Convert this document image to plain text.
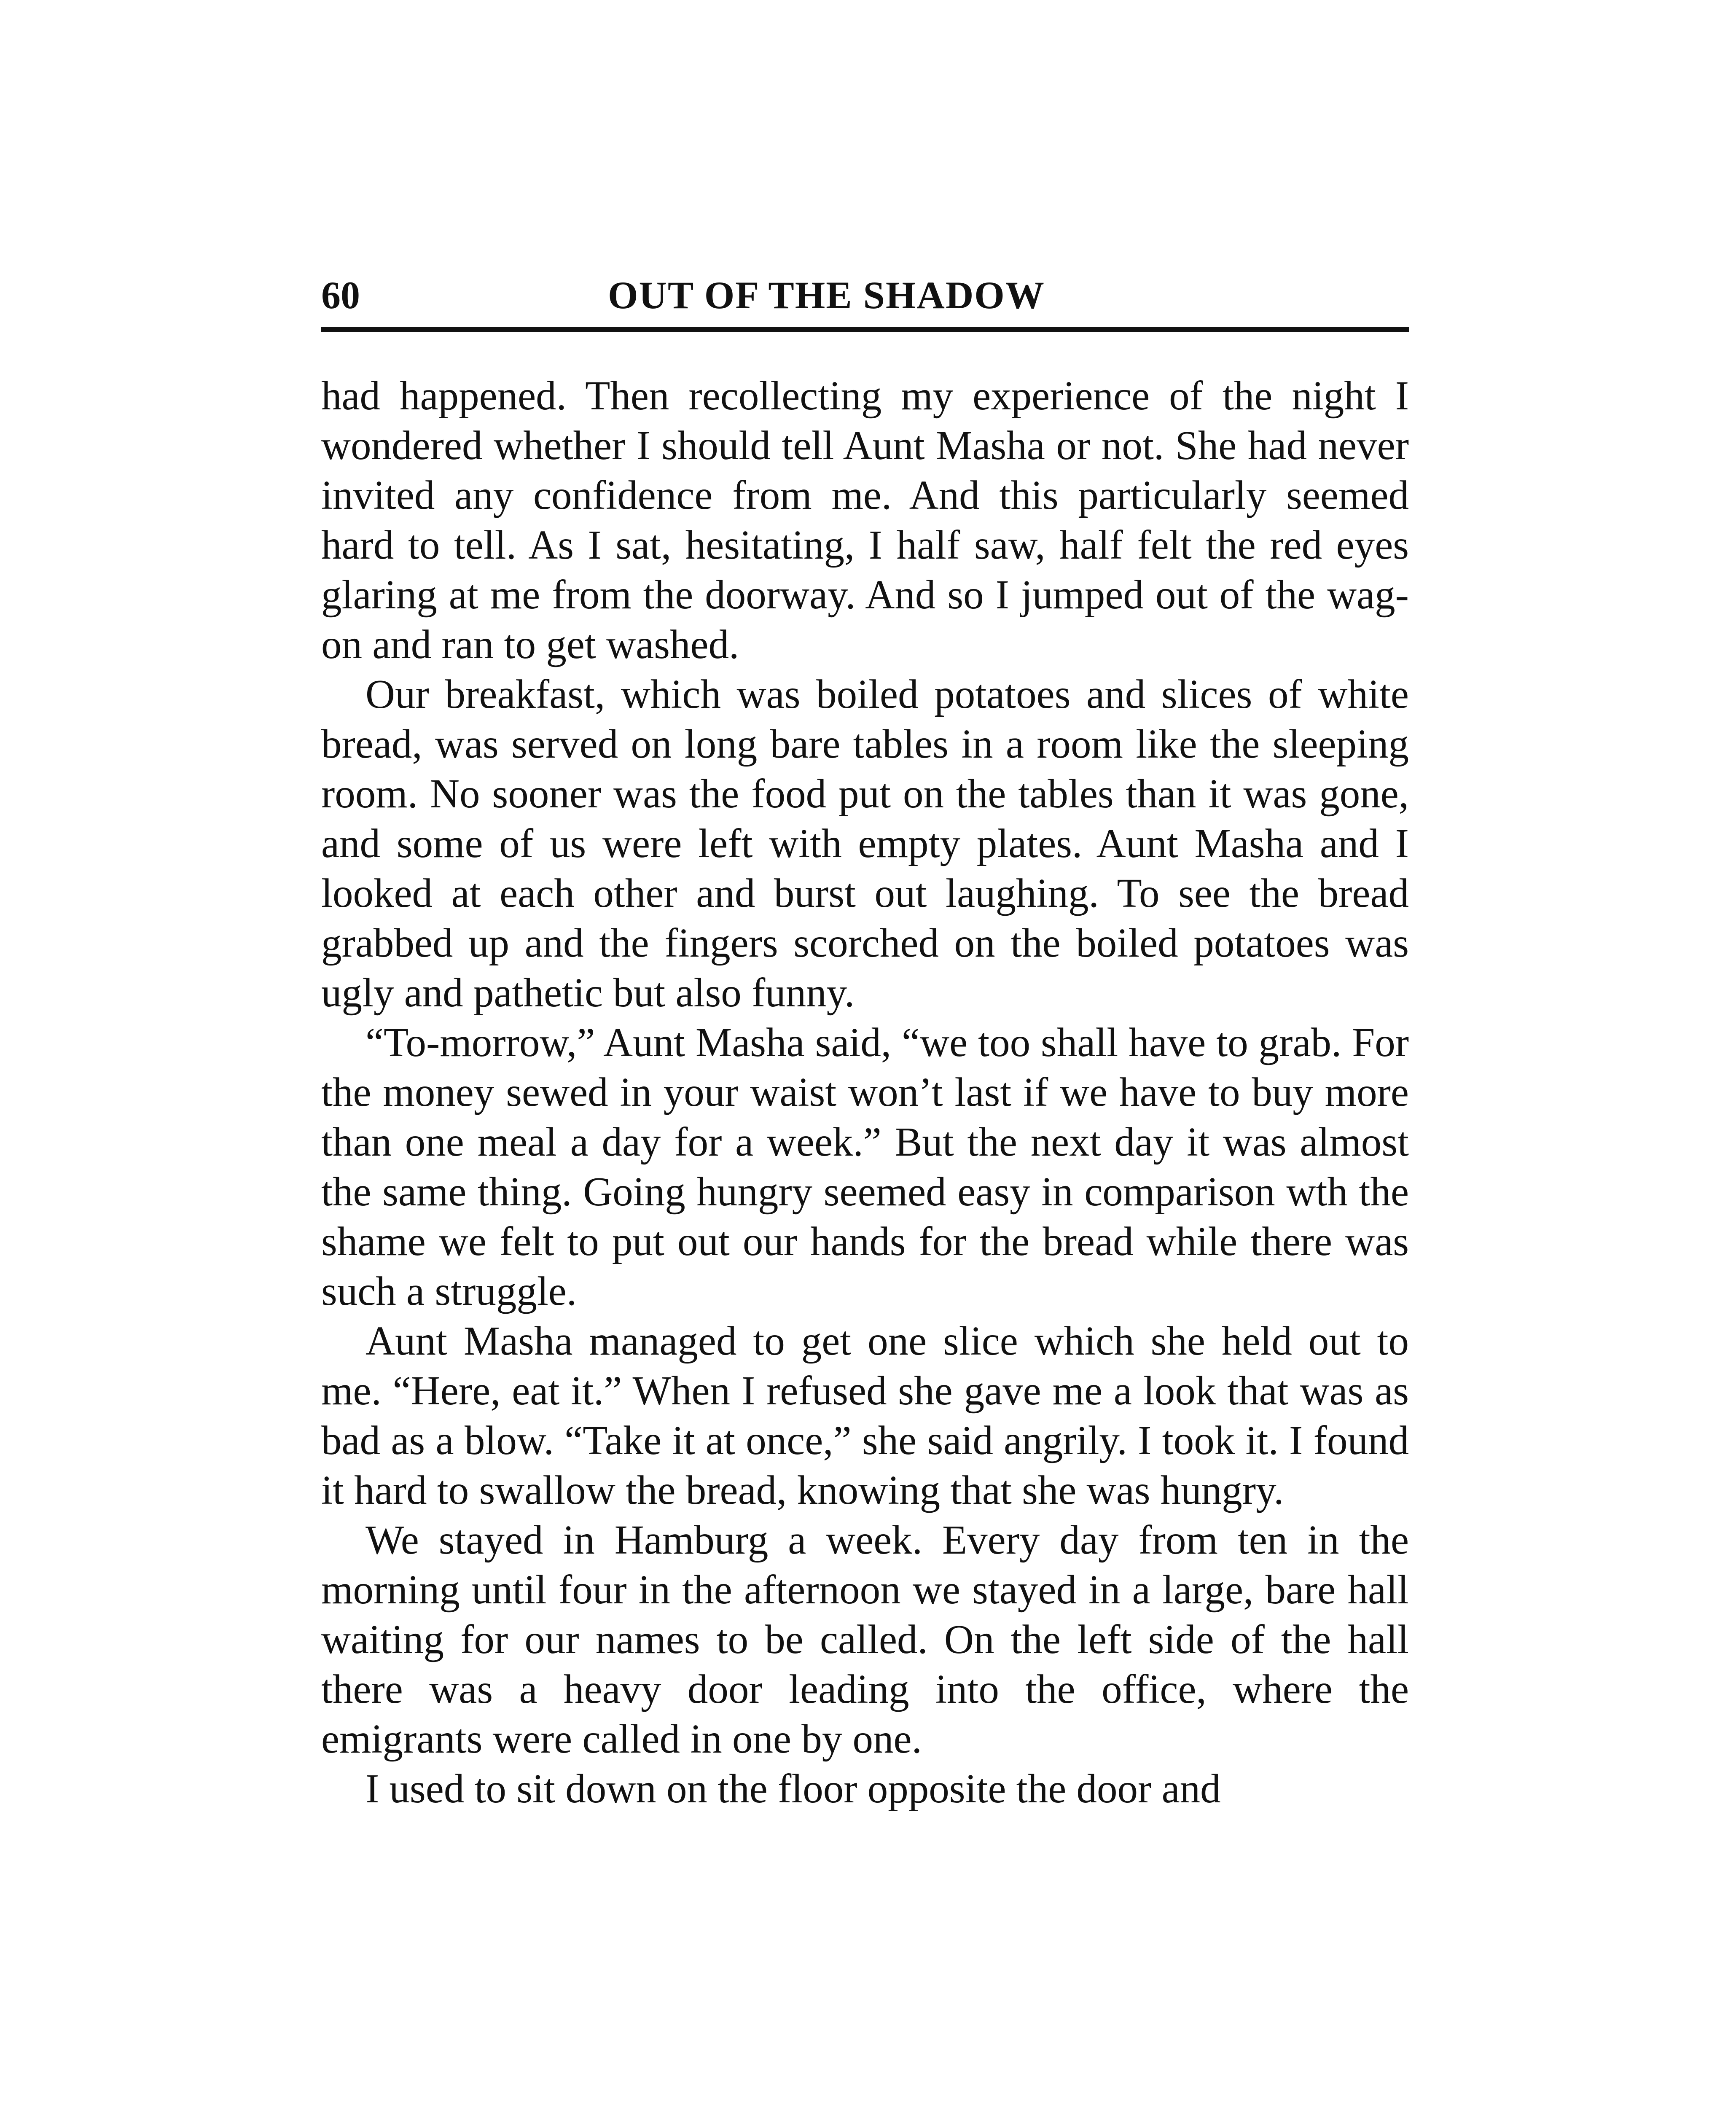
60	OUT OF THE SHADOW

had happened. Then recollecting my experience of the night I wondered whether I should tell Aunt Masha or not. She had never invited any confidence from me. And this particularly seemed hard to tell. As I sat, hesitating, I half saw, half felt the red eyes glaring at me from the doorway. And so I jumped out of the wag-on and ran to get washed.

Our breakfast, which was boiled potatoes and slices of white bread, was served on long bare tables in a room like the sleeping room. No sooner was the food put on the tables than it was gone, and some of us were left with empty plates. Aunt Masha and I looked at each other and burst out laughing. To see the bread grabbed up and the fingers scorched on the boiled potatoes was ugly and pathetic but also funny.

“To-morrow,” Aunt Masha said, “we too shall have to grab. For the money sewed in your waist won’t last if we have to buy more than one meal a day for a week.” But the next day it was almost the same thing. Going hungry seemed easy in comparison wth the shame we felt to put out our hands for the bread while there was such a struggle.

Aunt Masha managed to get one slice which she held out to me. “Here, eat it.” When I refused she gave me a look that was as bad as a blow. “Take it at once,” she said angrily. I took it. I found it hard to swallow the bread, knowing that she was hungry.

We stayed in Hamburg a week. Every day from ten in the morning until four in the afternoon we stayed in a large, bare hall waiting for our names to be called. On the left side of the hall there was a heavy door leading into the office, where the emigrants were called in one by one.

I used to sit down on the floor opposite the door and
